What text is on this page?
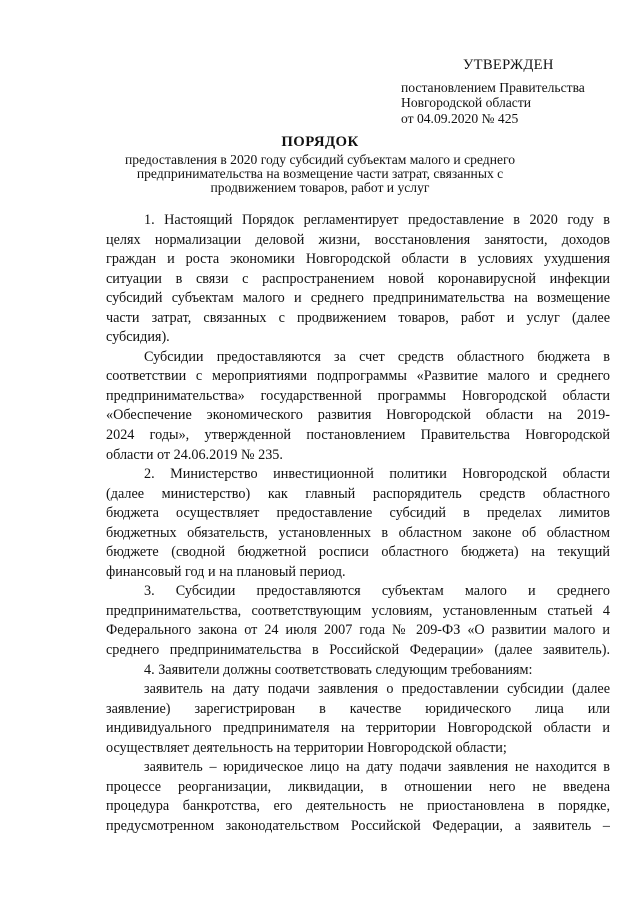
УТВЕРЖДЕН
постановлением Правительства
Новгородской области
от 04.09.2020 № 425
ПОРЯДОК
предоставления в 2020 году субсидий субъектам малого и среднего
предпринимательства на возмещение части затрат, связанных с
продвижением товаров, работ и услуг
1. Настоящий Порядок регламентирует предоставление в 2020 году в
целях нормализации деловой жизни, восстановления занятости, доходов
граждан и роста экономики Новгородской области в условиях ухудшения
ситуации в связи с распространением новой коронавирусной инфекции
субсидий субъектам малого и среднего предпринимательства на возмещение
части затрат, связанных с продвижением товаров, работ и услуг (далее
субсидия).
Субсидии предоставляются за счет средств областного бюджета в
соответствии с мероприятиями подпрограммы «Развитие малого и среднего
предпринимательства» государственной программы Новгородской области
«Обеспечение экономического развития Новгородской области на 2019-
2024 годы», утвержденной постановлением Правительства Новгородской
области от 24.06.2019 № 235.
2. Министерство инвестиционной политики Новгородской области
(далее министерство) как главный распорядитель средств областного
бюджета осуществляет предоставление субсидий в пределах лимитов
бюджетных обязательств, установленных в областном законе об областном
бюджете (сводной бюджетной росписи областного бюджета) на текущий
финансовый год и на плановый период.
3. Субсидии предоставляются субъектам малого и среднего
предпринимательства, соответствующим условиям, установленным статьей 4
Федерального закона от 24 июля 2007 года № 209-ФЗ «О развитии малого и
среднего предпринимательства в Российской Федерации» (далее заявитель).
4. Заявители должны соответствовать следующим требованиям:
заявитель на дату подачи заявления о предоставлении субсидии (далее
заявление) зарегистрирован в качестве юридического лица или
индивидуального предпринимателя на территории Новгородской области и
осуществляет деятельность на территории Новгородской области;
заявитель – юридическое лицо на дату подачи заявления не находится в
процессе реорганизации, ликвидации, в отношении него не введена
процедура банкротства, его деятельность не приостановлена в порядке,
предусмотренном законодательством Российской Федерации, а заявитель –
